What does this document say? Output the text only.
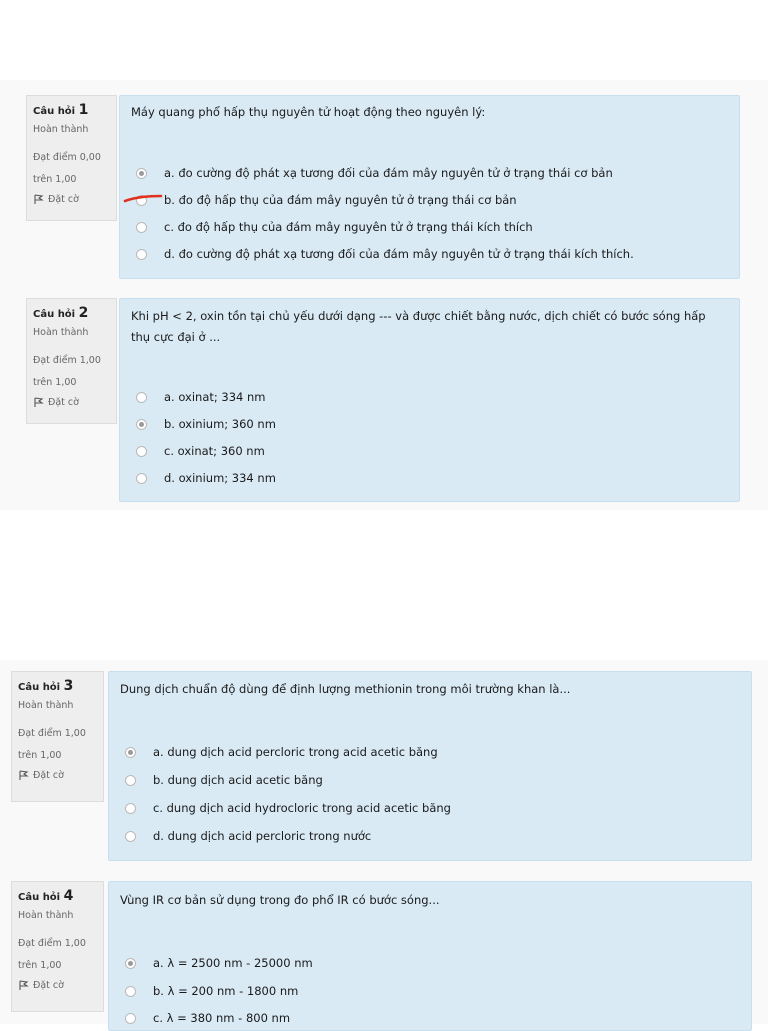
Câu hỏi 1
Hoàn thành
Đạt điểm 0,00
trên 1,00
Đặt cờ
Máy quang phổ hấp thụ nguyên tử hoạt động theo nguyên lý:
a. đo cường độ phát xạ tương đối của đám mây nguyên tử ở trạng thái cơ bản
b. đo độ hấp thụ của đám mây nguyên tử ở trạng thái cơ bản
c. đo độ hấp thụ của đám mây nguyên tử ở trạng thái kích thích
d. đo cường độ phát xạ tương đối của đám mây nguyên tử ở trạng thái kích thích.
Câu hỏi 2
Hoàn thành
Đạt điểm 1,00
trên 1,00
Đặt cờ
Khi pH < 2, oxin tồn tại chủ yếu dưới dạng --- và được chiết bằng nước, dịch chiết có bước sóng hấp
thụ cực đại ở ...
a. oxinat; 334 nm
b. oxinium; 360 nm
c. oxinat; 360 nm
d. oxinium; 334 nm
Câu hỏi 3
Hoàn thành
Đạt điểm 1,00
trên 1,00
Đặt cờ
Dung dịch chuẩn độ dùng để định lượng methionin trong môi trường khan là...
a. dung dịch acid percloric trong acid acetic băng
b. dung dịch acid acetic băng
c. dung dịch acid hydrocloric trong acid acetic băng
d. dung dịch acid percloric trong nước
Câu hỏi 4
Hoàn thành
Đạt điểm 1,00
trên 1,00
Đặt cờ
Vùng IR cơ bản sử dụng trong đo phổ IR có bước sóng...
a. λ = 2500 nm - 25000 nm
b. λ = 200 nm - 1800 nm
c. λ = 380 nm - 800 nm
